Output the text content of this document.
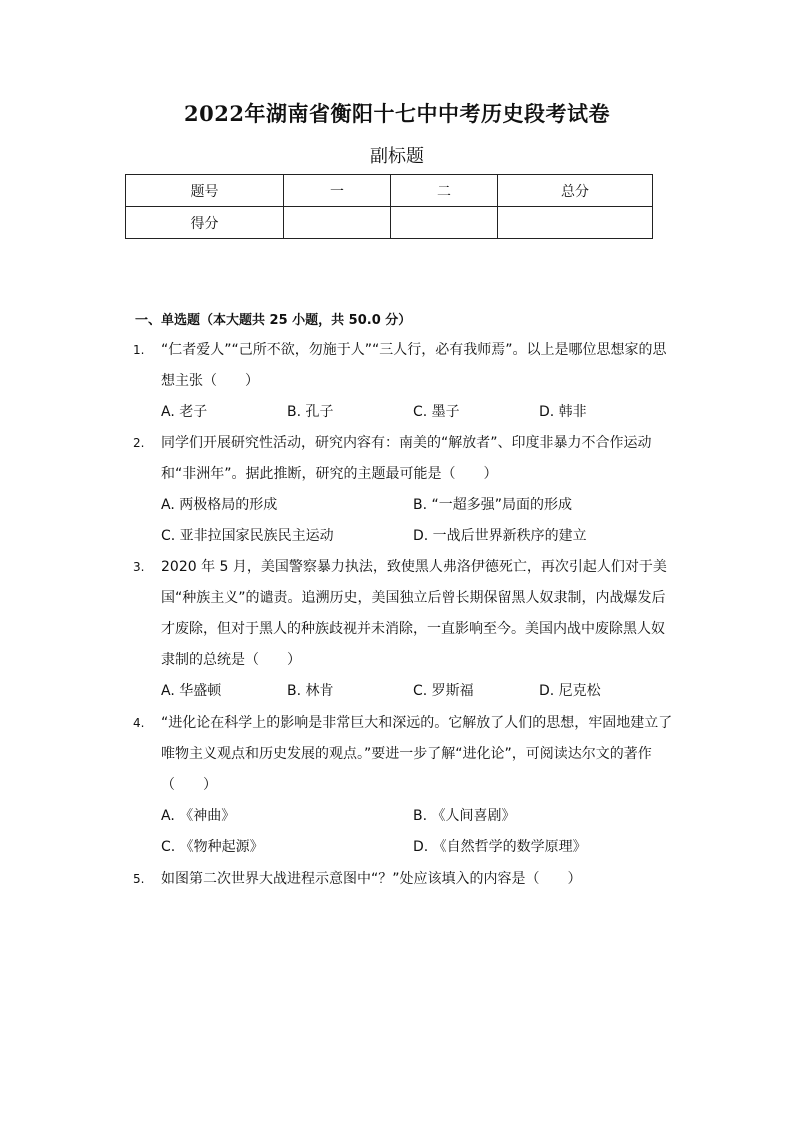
2022年湖南省衡阳十七中中考历史段考试卷
副标题
题号	一	二	总分
得分			
一、单选题（本大题共 25 小题，共 50.0 分）
1. “仁者爱人”“己所不欲，勿施于人”“三人行，必有我师焉”。以上是哪位思想家的思想主张（　　）
A. 老子	B. 孔子	C. 墨子	D. 韩非
2. 同学们开展研究性活动，研究内容有：南美的“解放者”、印度非暴力不合作运动和“非洲年”。据此推断，研究的主题最可能是（　　）
A. 两极格局的形成	B. “一超多强”局面的形成
C. 亚非拉国家民族民主运动	D. 一战后世界新秩序的建立
3. 2020 年 5 月，美国警察暴力执法，致使黑人弗洛伊德死亡，再次引起人们对于美国“种族主义”的谴责。追溯历史，美国独立后曾长期保留黑人奴隶制，内战爆发后才废除，但对于黑人的种族歧视并未消除，一直影响至今。美国内战中废除黑人奴隶制的总统是（　　）
A. 华盛顿	B. 林肯	C. 罗斯福	D. 尼克松
4. “进化论在科学上的影响是非常巨大和深远的。它解放了人们的思想，牢固地建立了唯物主义观点和历史发展的观点。”要进一步了解“进化论”，可阅读达尔文的著作（　　）
A. 《神曲》	B. 《人间喜剧》
C. 《物种起源》	D. 《自然哲学的数学原理》
5. 如图第二次世界大战进程示意图中“？”处应该填入的内容是（　　）
